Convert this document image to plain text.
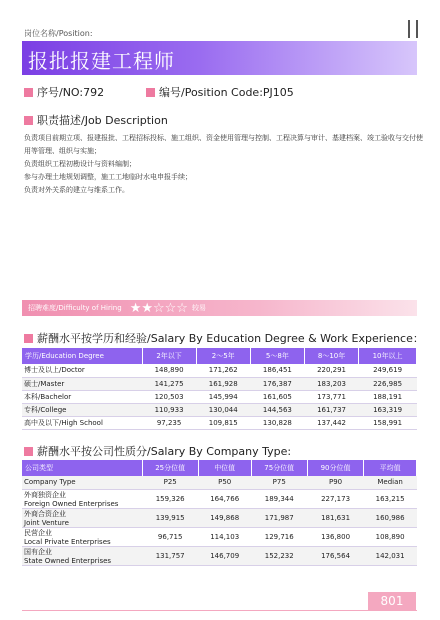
岗位名称/Position:
报批报建工程师
序号/NO:792	编号/Position Code:PJ105
职责描述/Job Description

负责项目前期立项、报建报批、工程招标投标、施工组织、资金使用管理与控制、工程决算与审计、基建档案、竣工验收与交付使用等管理、组织与实施；

负责组织工程初勘设计与资料编制；

参与办理土地规划调整，施工工地临时水电申报手续；

负责对外关系的建立与维系工作。

招聘难度/Difficulty of Hiring ★★☆☆☆ 较易
薪酬水平按学历和经验/Salary By Education Degree & Work Experience：
学历/Education Degree	2年以下	2～5年	5～8年	8～10年	10年以上
博士及以上/Doctor	148,890	171,262	186,451	220,291	249,619
硕士/Master	141,275	161,928	176,387	183,203	226,985
本科/Bachelor	120,503	145,994	161,605	173,771	188,191
专科/College	110,933	130,044	144,563	161,737	163,319
高中及以下/High School	97,235	109,815	130,828	137,442	158,991
薪酬水平按公司性质分/Salary By Company Type:
公司类型	25分位值	中位值	75分位值	90分位值	平均值
Company Type	P25	P50	P75	P90	Median
外商独资企业
Foreign Owned Enterprises	159,326	164,766	189,344	227,173	163,215
外商合资企业
Joint Venture	139,915	149,868	171,987	181,631	160,986
民营企业
Local Private Enterprises	96,715	114,103	129,716	136,800	108,890
国有企业
State Owned Enterprises	131,757	146,709	152,232	176,564	142,031
801
